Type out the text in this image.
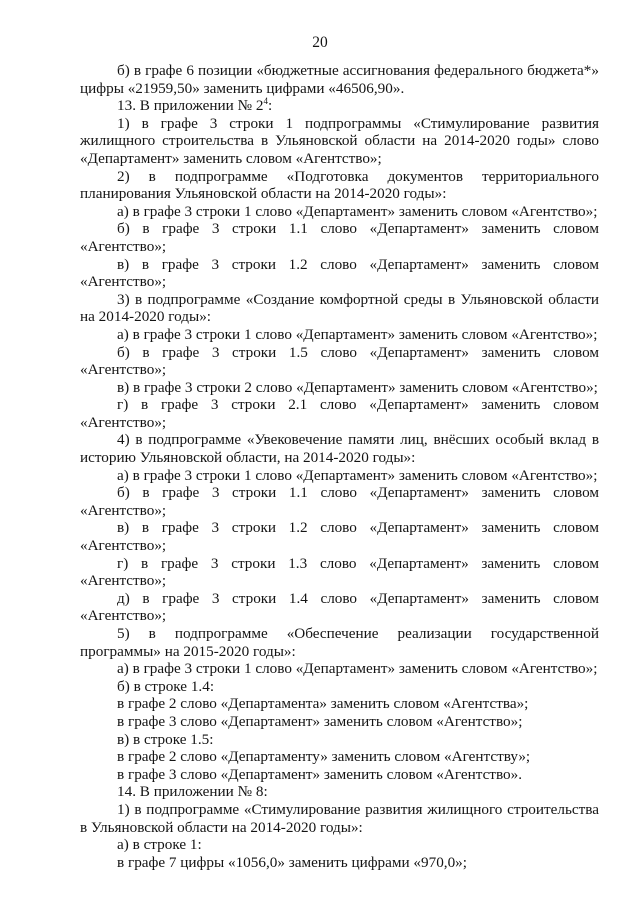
20

б) в графе 6 позиции «бюджетные ассигнования федерального бюджета*» цифры «21959,50» заменить цифрами «46506,90».

13. В приложении № $2^4$:

1) в графе 3 строки 1 подпрограммы «Стимулирование развития жилищного строительства в Ульяновской области на 2014-2020 годы» слово «Департамент» заменить словом «Агентство»;

2) в подпрограмме «Подготовка документов территориального планирования Ульяновской области на 2014-2020 годы»:

а) в графе 3 строки 1 слово «Департамент» заменить словом «Агентство»;

б) в графе 3 строки 1.1 слово «Департамент» заменить словом «Агентство»;

в) в графе 3 строки 1.2 слово «Департамент» заменить словом «Агентство»;

3) в подпрограмме «Создание комфортной среды в Ульяновской области на 2014-2020 годы»:

а) в графе 3 строки 1 слово «Департамент» заменить словом «Агентство»;

б) в графе 3 строки 1.5 слово «Департамент» заменить словом «Агентство»;

в) в графе 3 строки 2 слово «Департамент» заменить словом «Агентство»;

г) в графе 3 строки 2.1 слово «Департамент» заменить словом «Агентство»;

4) в подпрограмме «Увековечение памяти лиц, внёсших особый вклад в историю Ульяновской области, на 2014-2020 годы»:

а) в графе 3 строки 1 слово «Департамент» заменить словом «Агентство»;

б) в графе 3 строки 1.1 слово «Департамент» заменить словом «Агентство»;

в) в графе 3 строки 1.2 слово «Департамент» заменить словом «Агентство»;

г) в графе 3 строки 1.3 слово «Департамент» заменить словом «Агентство»;

д) в графе 3 строки 1.4 слово «Департамент» заменить словом «Агентство»;

5) в подпрограмме «Обеспечение реализации государственной программы» на 2015-2020 годы»:

а) в графе 3 строки 1 слово «Департамент» заменить словом «Агентство»;

б) в строке 1.4:

в графе 2 слово «Департамента» заменить словом «Агентства»;

в графе 3 слово «Департамент» заменить словом «Агентство»;

в) в строке 1.5:

в графе 2 слово «Департаменту» заменить словом «Агентству»;

в графе 3 слово «Департамент» заменить словом «Агентство».

14. В приложении № 8:

1) в подпрограмме «Стимулирование развития жилищного строительства в Ульяновской области на 2014-2020 годы»:

а) в строке 1:

в графе 7 цифры «1056,0» заменить цифрами «970,0»;
